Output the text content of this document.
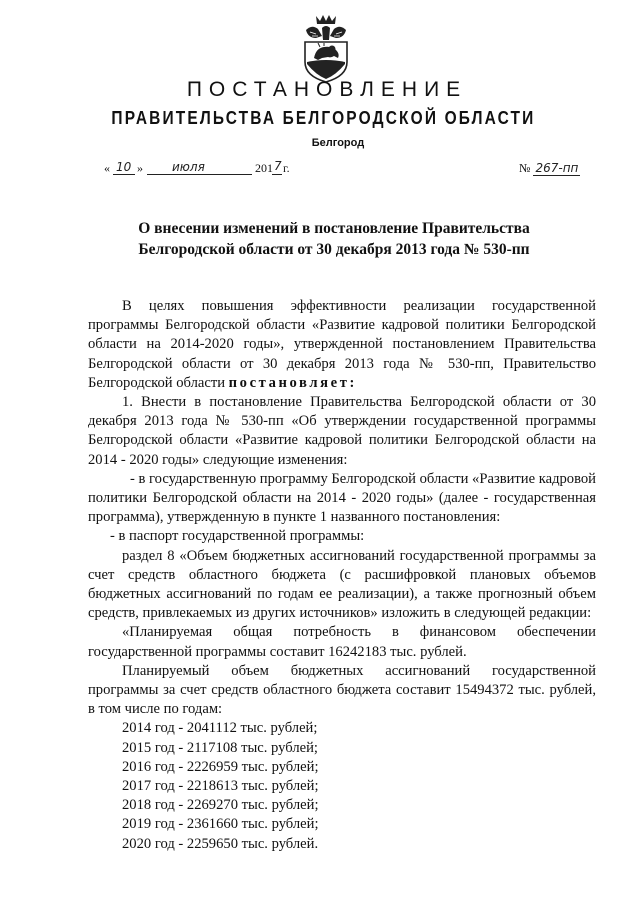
ПОСТАНОВЛЕНИЕ
ПРАВИТЕЛЬСТВА БЕЛГОРОДСКОЙ ОБЛАСТИ
Белгород
« 10 » июля	201 7 г.	№ 267-пп
О внесении изменений в постановление Правительства
Белгородской области от 30 декабря 2013 года № 530-пп

В целях повышения эффективности реализации государственной программы Белгородской области «Развитие кадровой политики Белгородской области на 2014-2020 годы», утвержденной постановлением Правительства Белгородской области от 30 декабря 2013 года № 530-пп, Правительство Белгородской области постановляет:

1. Внести в постановление Правительства Белгородской области от 30 декабря 2013 года № 530-пп «Об утверждении государственной программы Белгородской области «Развитие кадровой политики Белгородской области на 2014 - 2020 годы» следующие изменения:

- в государственную программу Белгородской области «Развитие кадровой политики Белгородской области на 2014 - 2020 годы» (далее - государственная программа), утвержденную в пункте 1 названного постановления:

- в паспорт государственной программы:

раздел 8 «Объем бюджетных ассигнований государственной программы за счет средств областного бюджета (с расшифровкой плановых объемов бюджетных ассигнований по годам ее реализации), а также прогнозный объем средств, привлекаемых из других источников» изложить в следующей редакции:

«Планируемая общая потребность в финансовом обеспечении государственной программы составит 16242183 тыс. рублей.

Планируемый объем бюджетных ассигнований государственной программы за счет средств областного бюджета составит 15494372 тыс. рублей, в том числе по годам:

2014 год - 2041112 тыс. рублей;
2015 год - 2117108 тыс. рублей;
2016 год - 2226959 тыс. рублей;
2017 год - 2218613 тыс. рублей;
2018 год - 2269270 тыс. рублей;
2019 год - 2361660 тыс. рублей;
2020 год - 2259650 тыс. рублей.
